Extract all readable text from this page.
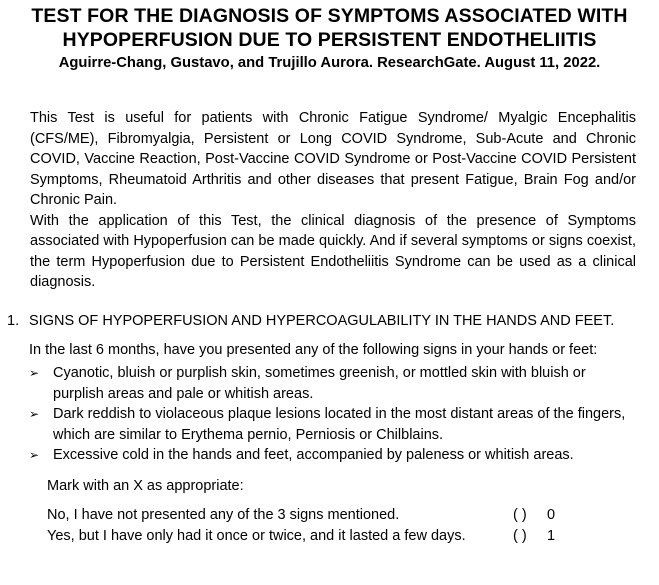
TEST FOR THE DIAGNOSIS OF SYMPTOMS ASSOCIATED WITH
HYPOPERFUSION DUE TO PERSISTENT ENDOTHELIITIS
Aguirre-Chang, Gustavo, and Trujillo Aurora. ResearchGate. August 11, 2022.

This Test is useful for patients with Chronic Fatigue Syndrome/ Myalgic Encephalitis (CFS/ME), Fibromyalgia, Persistent or Long COVID Syndrome, Sub-Acute and Chronic COVID, Vaccine Reaction, Post-Vaccine COVID Syndrome or Post-Vaccine COVID Persistent Symptoms, Rheumatoid Arthritis and other diseases that present Fatigue, Brain Fog and/or Chronic Pain.

With the application of this Test, the clinical diagnosis of the presence of Symptoms associated with Hypoperfusion can be made quickly. And if several symptoms or signs coexist, the term Hypoperfusion due to Persistent Endotheliitis Syndrome can be used as a clinical diagnosis.

1. SIGNS OF HYPOPERFUSION AND HYPERCOAGULABILITY IN THE HANDS AND FEET.
In the last 6 months, have you presented any of the following signs in your hands or feet:
➢ Cyanotic, bluish or purplish skin, sometimes greenish, or mottled skin with bluish or purplish areas and pale or whitish areas.
➢ Dark reddish to violaceous plaque lesions located in the most distant areas of the fingers, which are similar to Erythema pernio, Perniosis or Chilblains.
➢ Excessive cold in the hands and feet, accompanied by paleness or whitish areas.
Mark with an X as appropriate:
No, I have not presented any of the 3 signs mentioned.	( )	0
Yes, but I have only had it once or twice, and it lasted a few days.	( )	1
